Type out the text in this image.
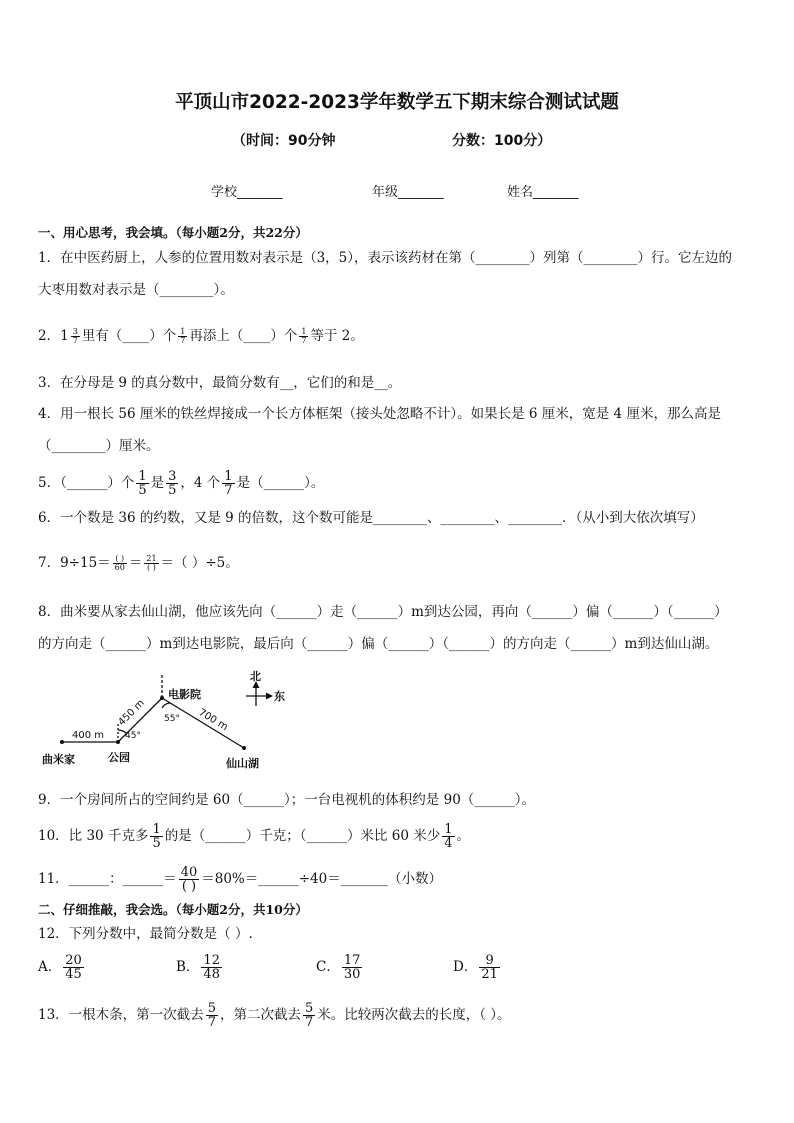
平顶山市2022-2023学年数学五下期末综合测试试题
（时间：90分钟	分数：100分）
学校_______	年级_______	姓名_______
一、用心思考，我会填。（每小题2分，共22分）
1．在中医药厨上，人参的位置用数对表示是（3，5），表示该药材在第（________）列第（________）行。它左边的
大枣用数对表示是（________）。
2．$1 \frac{3}{7}$ 里有（____）个 $\frac{1}{7}$ 再添上（____）个 $\frac{1}{7}$ 等于 2。
3．在分母是 9 的真分数中，最简分数有__，它们的和是__。
4．用一根长 56 厘米的铁丝焊接成一个长方体框架（接头处忽略不计）。如果长是 6 厘米，宽是 4 厘米，那么高是
（________）厘米。
5．（______）个 $\frac{1}{5}$ 是 $\frac{3}{5}$ ，4 个 $\frac{1}{7}$ 是（______）。
6．一个数是 36 的约数，又是 9 的倍数，这个数可能是________、________、________．（从小到大依次填写）
7．$9\div 15= \frac{( )}{60} = \frac{21}{( )}$ ＝（ ）÷5。
8．曲米要从家去仙山湖，他应该先向（______）走（______）m到达公园，再向（______）偏（______）（______）
的方向走（______）m到达电影院，最后向（______）偏（______）（______）的方向走（______）m到达仙山湖。
曲米家	公园
电影院
仙山湖
北
东
400 m
450 m	700 m
45°
55°
9．一个房间所占的空间约是 60（______）；一台电视机的体积约是 90（______）。
10．比 30 千克多 $\frac{1}{5}$ 的是（______）千克；（______）米比 60 米少 $\frac{1}{4}$ 。
11．______：______＝ $\frac{40}{( )}$ ＝80%＝______÷40＝_______（小数）
二、仔细推敲，我会选。（每小题2分，共10分）
12．下列分数中，最简分数是（ ）.
A． $\frac{20}{45}$	B． $\frac{12}{48}$	C． $\frac{17}{30}$	D． $\frac{9}{21}$
13．一根木条，第一次截去 $\frac{5}{7}$ ，第二次截去 $\frac{5}{7}$ 米。比较两次截去的长度，（ ）。
